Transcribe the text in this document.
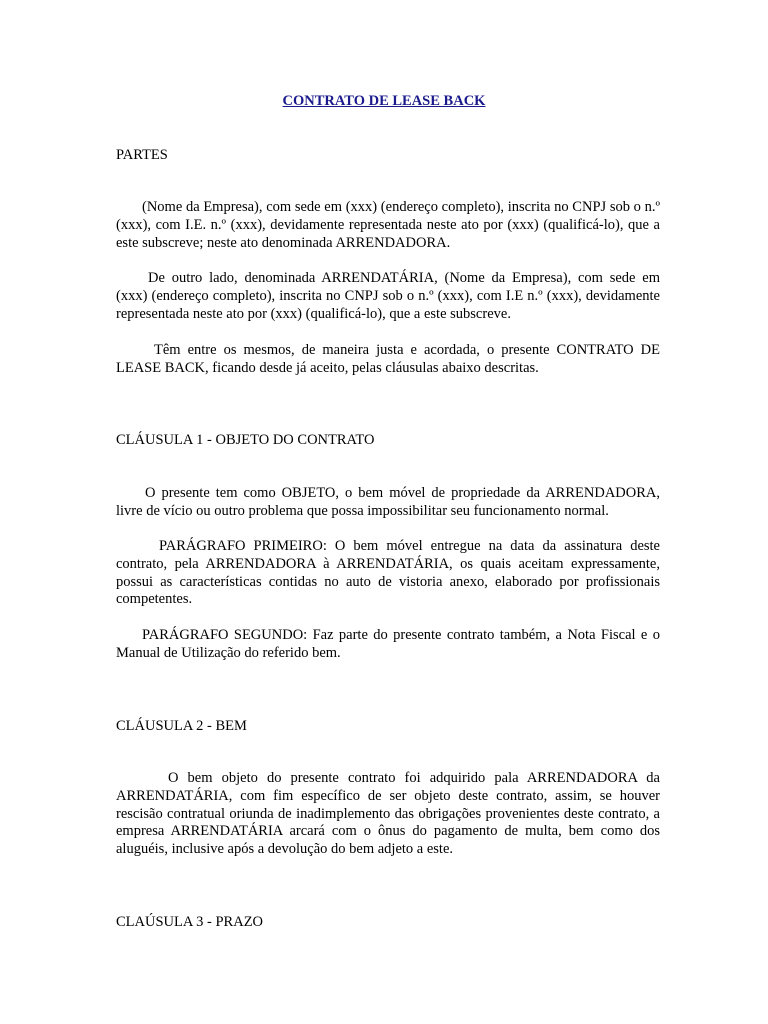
CONTRATO DE LEASE BACK
PARTES
(Nome da Empresa), com sede em (xxx) (endereço completo), inscrita no CNPJ sob o n.º (xxx), com I.E. n.º (xxx), devidamente representada neste ato por (xxx) (qualificá-lo), que a este subscreve; neste ato denominada ARRENDADORA.
De outro lado, denominada ARRENDATÁRIA, (Nome da Empresa), com sede em (xxx) (endereço completo), inscrita no CNPJ sob o n.º (xxx), com I.E n.º (xxx), devidamente representada neste ato por (xxx) (qualificá-lo), que a este subscreve.
Têm entre os mesmos, de maneira justa e acordada, o presente CONTRATO DE LEASE BACK, ficando desde já aceito, pelas cláusulas abaixo descritas.
CLÁUSULA 1 - OBJETO DO CONTRATO
O presente tem como OBJETO, o bem móvel de propriedade da ARRENDADORA, livre de vício ou outro problema que possa impossibilitar seu funcionamento normal.
PARÁGRAFO PRIMEIRO: O bem móvel entregue na data da assinatura deste contrato, pela ARRENDADORA à ARRENDATÁRIA, os quais aceitam expressamente, possui as características contidas no auto de vistoria anexo, elaborado por profissionais competentes.
PARÁGRAFO SEGUNDO: Faz parte do presente contrato também, a Nota Fiscal e o Manual de Utilização do referido bem.
CLÁUSULA 2 - BEM
O bem objeto do presente contrato foi adquirido pala ARRENDADORA da ARRENDATÁRIA, com fim específico de ser objeto deste contrato, assim, se houver rescisão contratual oriunda de inadimplemento das obrigações provenientes deste contrato, a empresa ARRENDATÁRIA arcará com o ônus do pagamento de multa, bem como dos aluguéis, inclusive após a devolução do bem adjeto a este.
CLAÚSULA 3 - PRAZO
